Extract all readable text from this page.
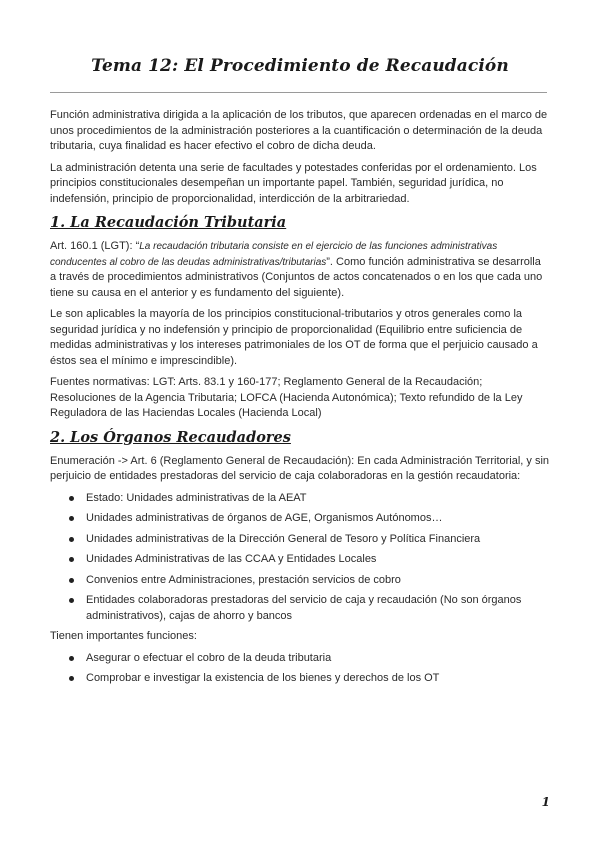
Tema 12: El Procedimiento de Recaudación

Función administrativa dirigida a la aplicación de los tributos, que aparecen ordenadas en el marco de unos procedimientos de la administración posteriores a la cuantificación o determinación de la deuda tributaria, cuya finalidad es hacer efectivo el cobro de dicha deuda.

La administración detenta una serie de facultades y potestades conferidas por el ordenamiento. Los principios constitucionales desempeñan un importante papel. También, seguridad jurídica, no indefensión, principio de proporcionalidad, interdicción de la arbitrariedad.

1. La Recaudación Tributaria

Art. 160.1 (LGT): “La recaudación tributaria consiste en el ejercicio de las funciones administrativas conducentes al cobro de las deudas administrativas/tributarias”. Como función administrativa se desarrolla a través de procedimientos administrativos (Conjuntos de actos concatenados o en los que cada uno tiene su causa en el anterior y es fundamento del siguiente).

Le son aplicables la mayoría de los principios constitucional-tributarios y otros generales como la seguridad jurídica y no indefensión y principio de proporcionalidad (Equilibrio entre suficiencia de medidas administrativas y los intereses patrimoniales de los OT de forma que el perjuicio causado a éstos sea el mínimo e imprescindible).

Fuentes normativas: LGT: Arts. 83.1 y 160-177; Reglamento General de la Recaudación; Resoluciones de la Agencia Tributaria; LOFCA (Hacienda Autonómica); Texto refundido de la Ley Reguladora de las Haciendas Locales (Hacienda Local)

2. Los Órganos Recaudadores

Enumeración -> Art. 6 (Reglamento General de Recaudación): En cada Administración Territorial, y sin perjuicio de entidades prestadoras del servicio de caja colaboradoras en la gestión recaudatoria:

Estado: Unidades administrativas de la AEAT
Unidades administrativas de órganos de AGE, Organismos Autónomos…
Unidades administrativas de la Dirección General de Tesoro y Política Financiera
Unidades Administrativas de las CCAA y Entidades Locales
Convenios entre Administraciones, prestación servicios de cobro
Entidades colaboradoras prestadoras del servicio de caja y recaudación (No son órganos administrativos), cajas de ahorro y bancos

Tienen importantes funciones:

Asegurar o efectuar el cobro de la deuda tributaria
Comprobar e investigar la existencia de los bienes y derechos de los OT
1
